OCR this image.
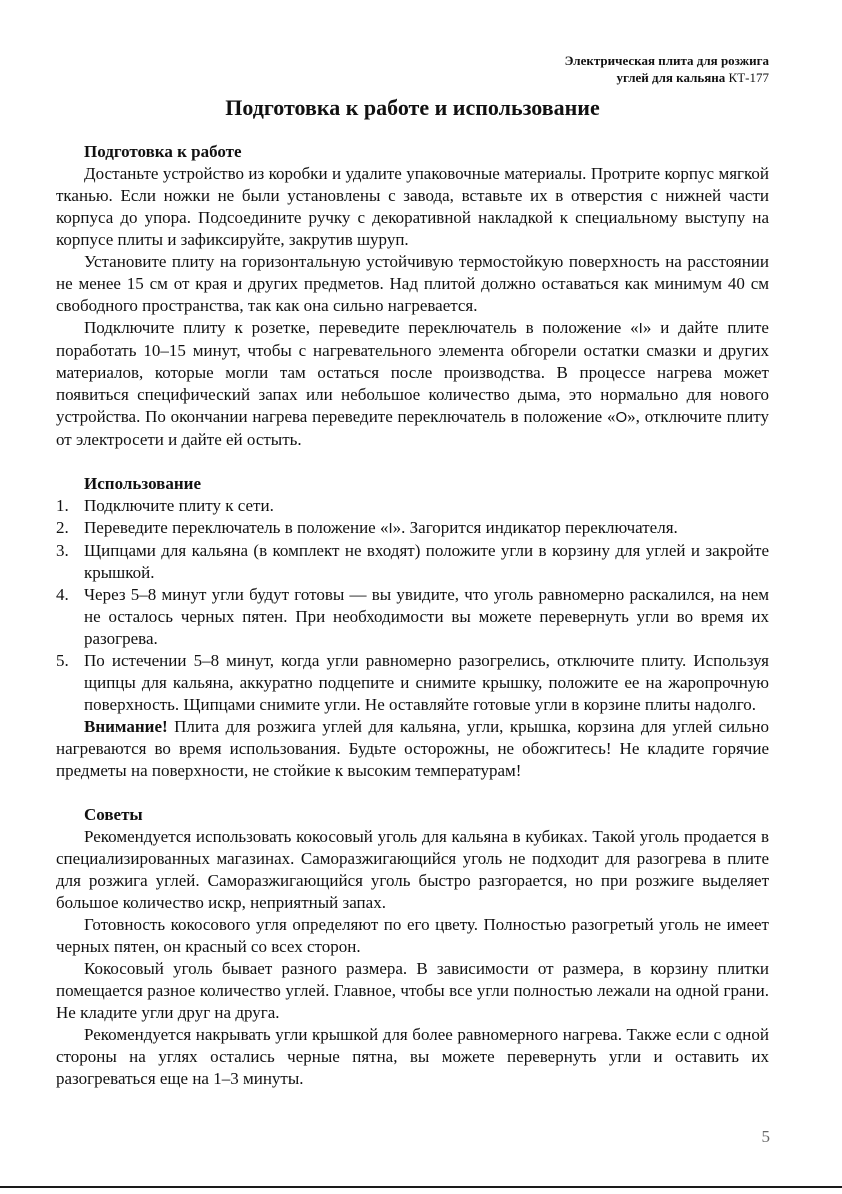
Электрическая плита для розжига
углей для кальяна КТ-177
Подготовка к работе и использование
Подготовка к работе

Достаньте устройство из коробки и удалите упаковочные материалы. Протрите корпус мягкой тканью. Если ножки не были установлены с завода, вставьте их в отверстия с нижней части корпуса до упора. Подсоедините ручку с декоративной накладкой к специальному выступу на корпусе плиты и зафиксируйте, закрутив шуруп.

Установите плиту на горизонтальную устойчивую термостойкую поверхность на расстоянии не менее 15 см от края и других предметов. Над плитой должно оставаться как минимум 40 см свободного пространства, так как она сильно нагревается.

Подключите плиту к розетке, переведите переключатель в положение «I» и дайте плите поработать 10–15 минут, чтобы с нагревательного элемента обгорели остатки смазки и других материалов, которые могли там остаться после производства. В процессе нагрева может появиться специфический запах или небольшое количество дыма, это нормально для нового устройства. По окончании нагрева переведите переключатель в положение «O», отключите плиту от электросети и дайте ей остыть.

Использование
1. Подключите плиту к сети.
2. Переведите переключатель в положение «I». Загорится индикатор переключателя.
3. Щипцами для кальяна (в комплект не входят) положите угли в корзину для углей и закройте крышкой.
4. Через 5–8 минут угли будут готовы — вы увидите, что уголь равномерно раскалился, на нем не осталось черных пятен. При необходимости вы можете перевернуть угли во время их разогрева.
5. По истечении 5–8 минут, когда угли равномерно разогрелись, отключите плиту. Используя щипцы для кальяна, аккуратно подцепите и снимите крышку, положите ее на жаропрочную поверхность. Щипцами снимите угли. Не оставляйте готовые угли в корзине плиты надолго.

Внимание! Плита для розжига углей для кальяна, угли, крышка, корзина для углей сильно нагреваются во время использования. Будьте осторожны, не обожгитесь! Не кладите горячие предметы на поверхности, не стойкие к высоким температурам!

Советы

Рекомендуется использовать кокосовый уголь для кальяна в кубиках. Такой уголь продается в специализированных магазинах. Саморазжигающийся уголь не подходит для разогрева в плите для розжига углей. Саморазжигающийся уголь быстро разгорается, но при розжиге выделяет большое количество искр, неприятный запах.

Готовность кокосового угля определяют по его цвету. Полностью разогретый уголь не имеет черных пятен, он красный со всех сторон.

Кокосовый уголь бывает разного размера. В зависимости от размера, в корзину плитки помещается разное количество углей. Главное, чтобы все угли полностью лежали на одной грани. Не кладите угли друг на друга.

Рекомендуется накрывать угли крышкой для более равномерного нагрева. Также если с одной стороны на углях остались черные пятна, вы можете перевернуть угли и оставить их разогреваться еще на 1–3 минуты.

5
